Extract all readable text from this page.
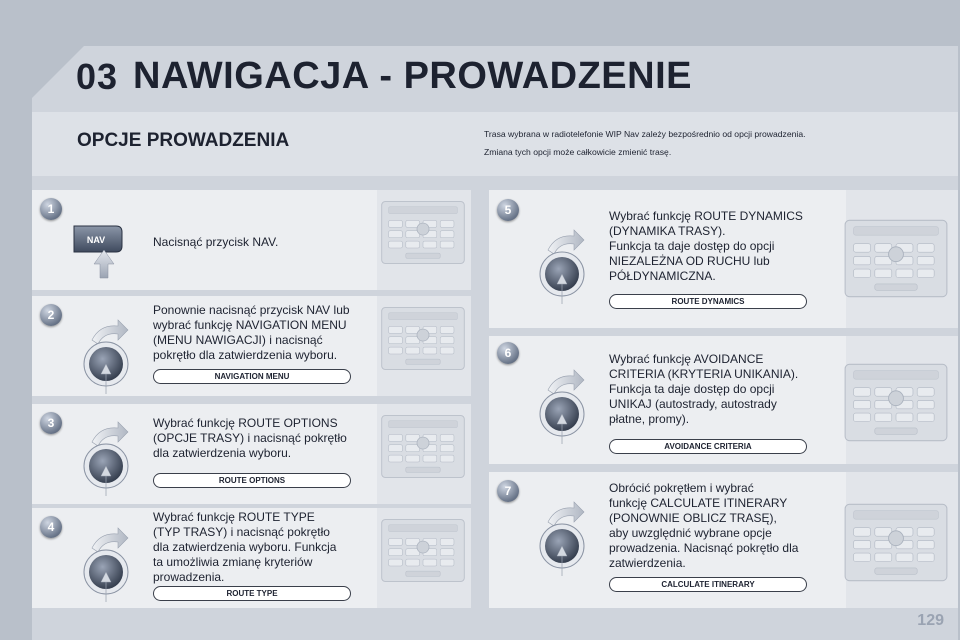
03 NAWIGACJA - PROWADZENIE
OPCJE PROWADZENIA	Trasa wybrana w radiotelefonie WIP Nav zależy bezpośrednio od opcji prowadzenia.
Zmiana tych opcji może całkowicie zmienić trasę.
1
NAV	Nacisnąć przycisk NAV.
2	Ponownie nacisnąć przycisk NAV lub
wybrać funkcję NAVIGATION MENU
(MENU NAWIGACJI) i nacisnąć
pokrętło dla zatwierdzenia wyboru.
NAVIGATION MENU
3	Wybrać funkcję ROUTE OPTIONS
(OPCJE TRASY) i nacisnąć pokrętło
dla zatwierdzenia wyboru.
ROUTE OPTIONS
4
Wybrać funkcję ROUTE TYPE
(TYP TRASY) i nacisnąć pokrętło
dla zatwierdzenia wyboru. Funkcja
ta umożliwia zmianę kryteriów
prowadzenia.
ROUTE TYPE
5	Wybrać funkcję ROUTE DYNAMICS
(DYNAMIKA TRASY).
Funkcja ta daje dostęp do opcji
NIEZALEŻNA OD RUCHU lub
PÓŁDYNAMICZNA.
ROUTE DYNAMICS
6	Wybrać funkcję AVOIDANCE
CRITERIA (KRYTERIA UNIKANIA).
Funkcja ta daje dostęp do opcji
UNIKAJ (autostrady, autostrady
płatne, promy).
AVOIDANCE CRITERIA
7	Obrócić pokrętłem i wybrać
funkcję CALCULATE ITINERARY
(PONOWNIE OBLICZ TRASĘ),
aby uwzględnić wybrane opcje
prowadzenia. Nacisnąć pokrętło dla
zatwierdzenia.
CALCULATE ITINERARY
129
